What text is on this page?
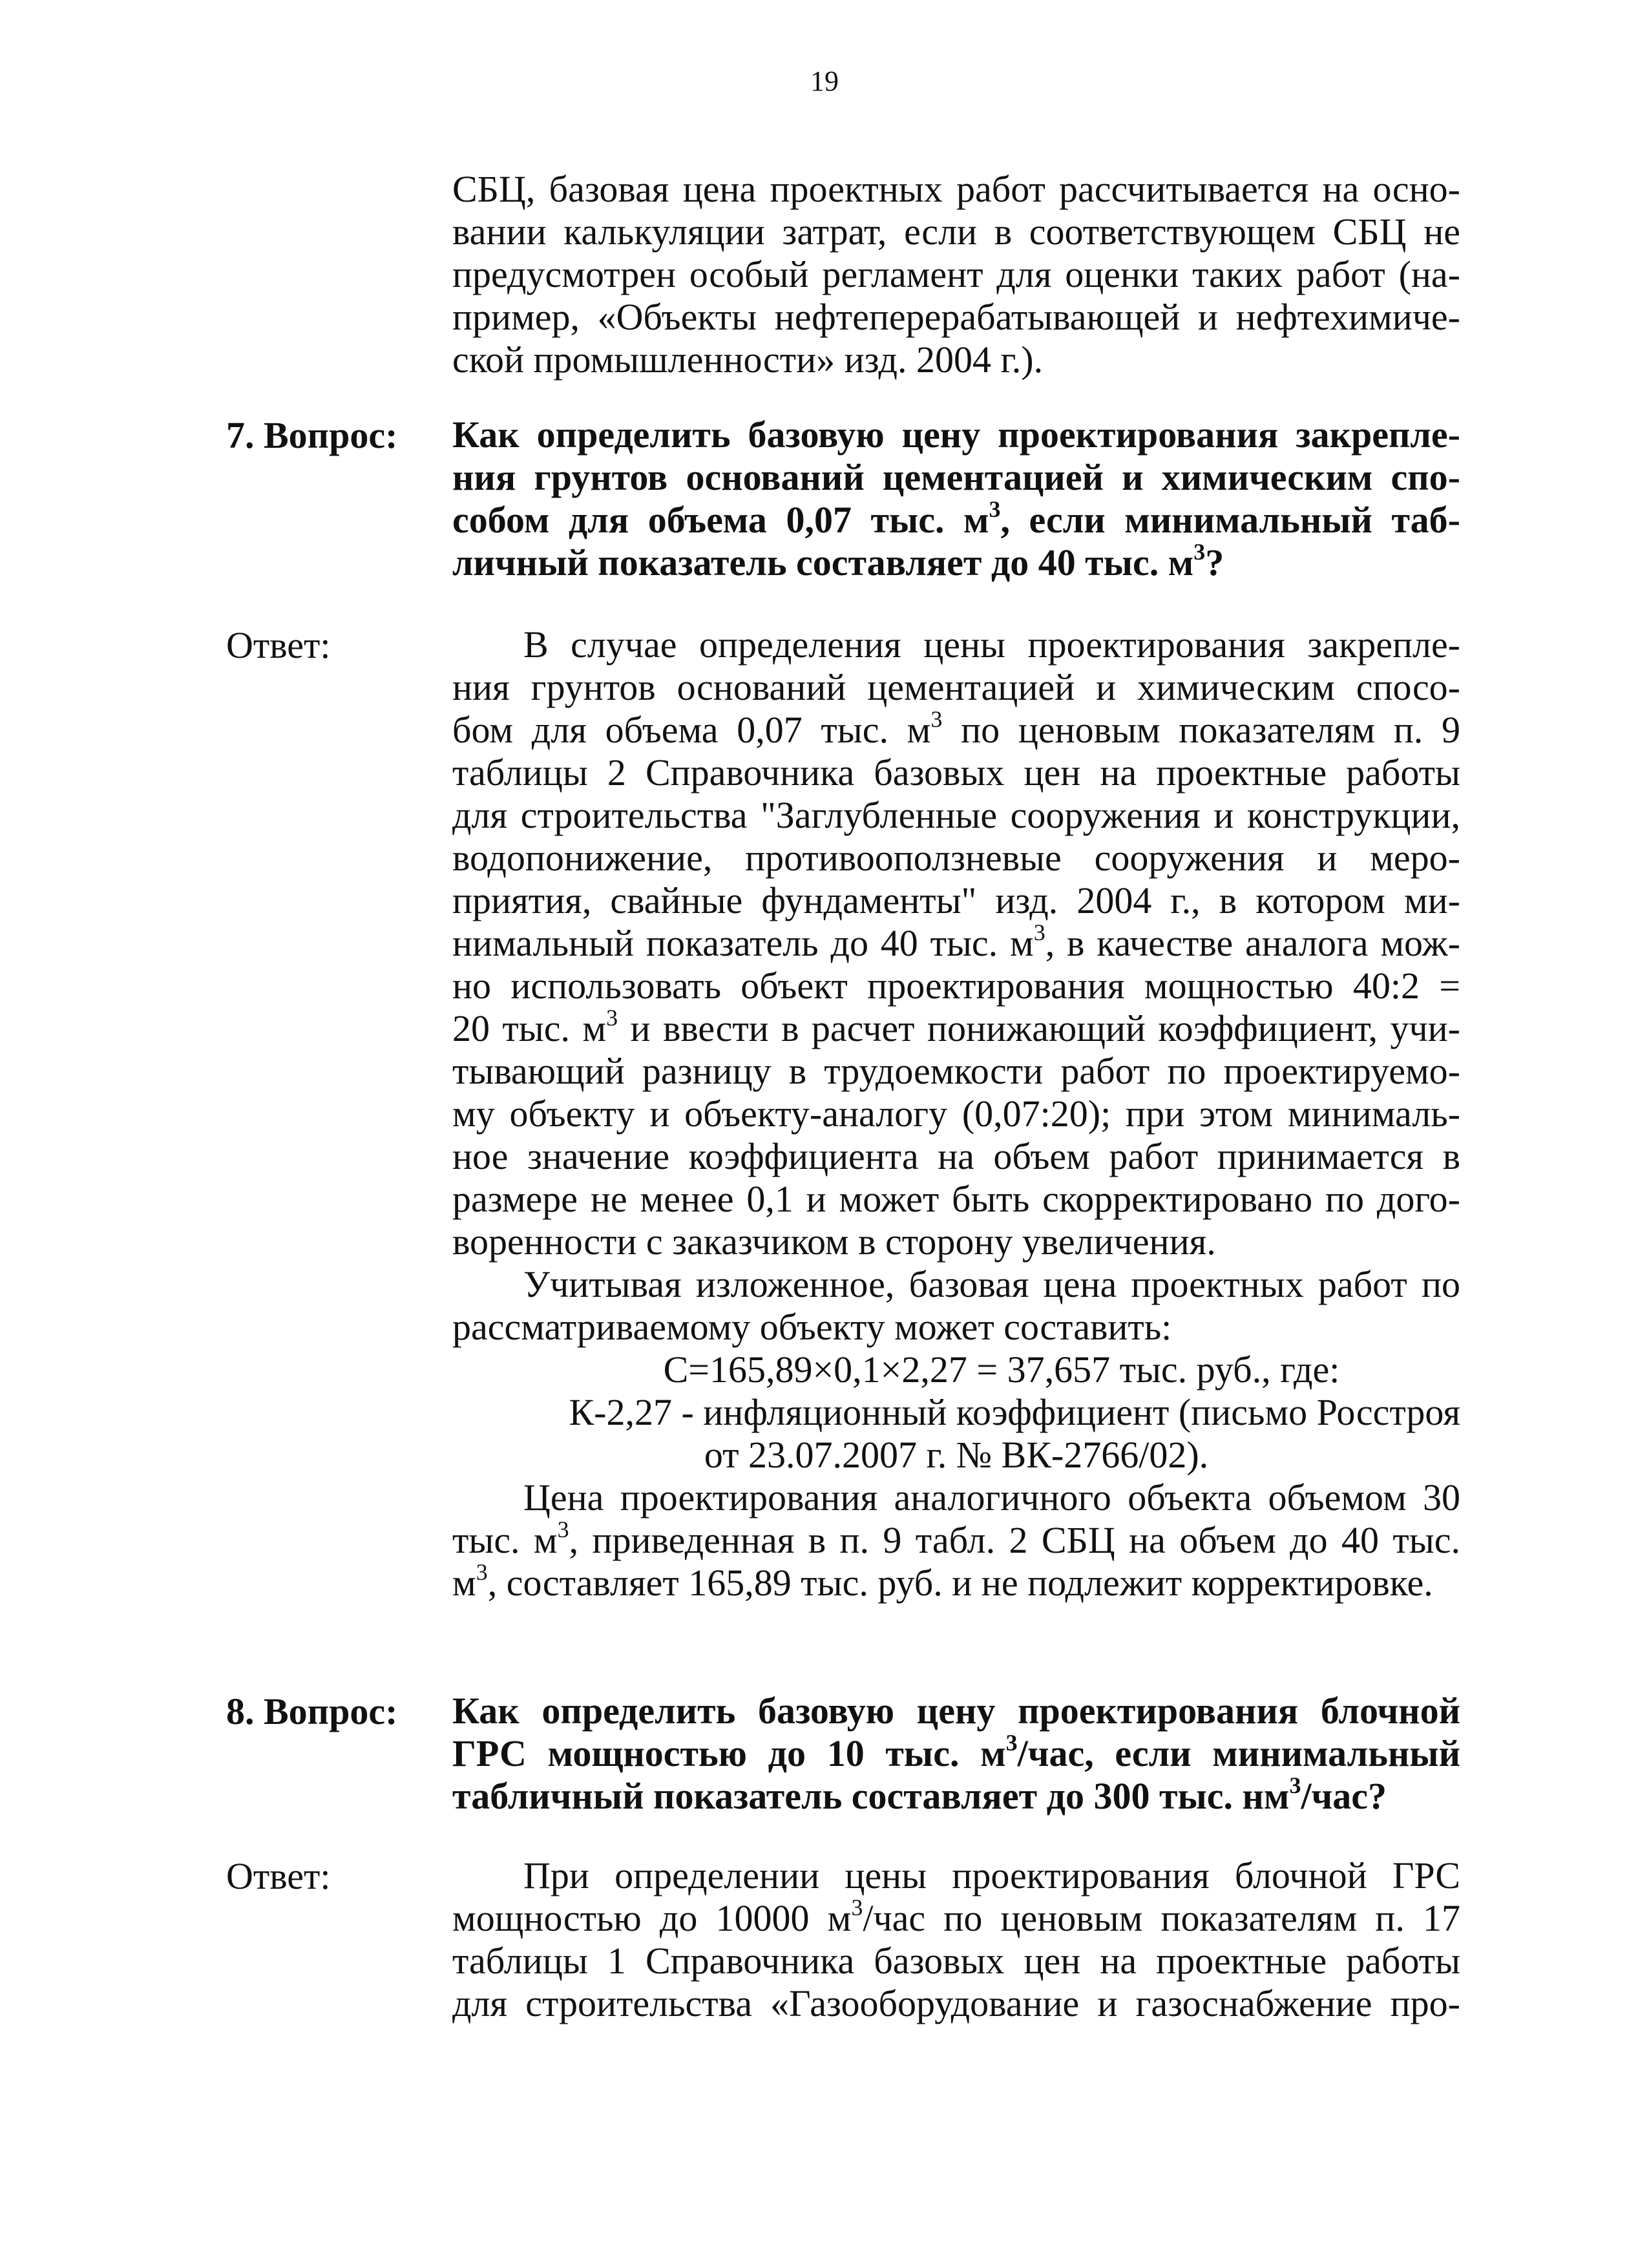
19
СБЦ, базовая цена проектных работ рассчитывается на осно-
вании калькуляции затрат, если в соответствующем СБЦ не
предусмотрен особый регламент для оценки таких работ (на-
пример, «Объекты нефтеперерабатывающей и нефтехимиче-
ской промышленности» изд. 2004 г.).
7. Вопрос: Как определить базовую цену проектирования закрепле-
ния грунтов оснований цементацией и химическим спо-
собом для объема 0,07 тыс. $м^3$, если минимальный таб-
личный показатель составляет до 40 тыс. $м^3$?
Ответ:	В случае определения цены проектирования закрепле-
ния грунтов оснований цементацией и химическим спосо-
бом для объема 0,07 тыс. $м^3$ по ценовым показателям п. 9
таблицы 2 Справочника базовых цен на проектные работы
для строительства "Заглубленные сооружения и конструкции,
водопонижение, противооползневые сооружения и меро-
приятия, свайные фундаменты" изд. 2004 г., в котором ми-
нимальный показатель до 40 тыс. $м^3$, в качестве аналога мож-
но использовать объект проектирования мощностью 40:2 =
20 тыс. $м^3$ и ввести в расчет понижающий коэффициент, учи-
тывающий разницу в трудоемкости работ по проектируемо-
му объекту и объекту-аналогу (0,07:20); при этом минималь-
ное значение коэффициента на объем работ принимается в
размере не менее 0,1 и может быть скорректировано по дого-
воренности с заказчиком в сторону увеличения.
Учитывая изложенное, базовая цена проектных работ по
рассматриваемому объекту может составить:
С=165,89×0,1×2,27 = 37,657 тыс. руб., где:
К-2,27 - инфляционный коэффициент (письмо Росстроя
от 23.07.2007 г. № ВК-2766/02).
Цена проектирования аналогичного объекта объемом 30
тыс. $м^3$, приведенная в п. 9 табл. 2 СБЦ на объем до 40 тыс.
$м^3$, составляет 165,89 тыс. руб. и не подлежит корректировке.
8. Вопрос: Как определить базовую цену проектирования блочной
ГРС мощностью до 10 тыс. $м^3$/час, если минимальный
табличный показатель составляет до 300 тыс. $нм^3$/час?
Ответ:	При определении цены проектирования блочной ГРС
мощностью до 10000 $м^3$/час по ценовым показателям п. 17
таблицы 1 Справочника базовых цен на проектные работы
для строительства «Газооборудование и газоснабжение про-
